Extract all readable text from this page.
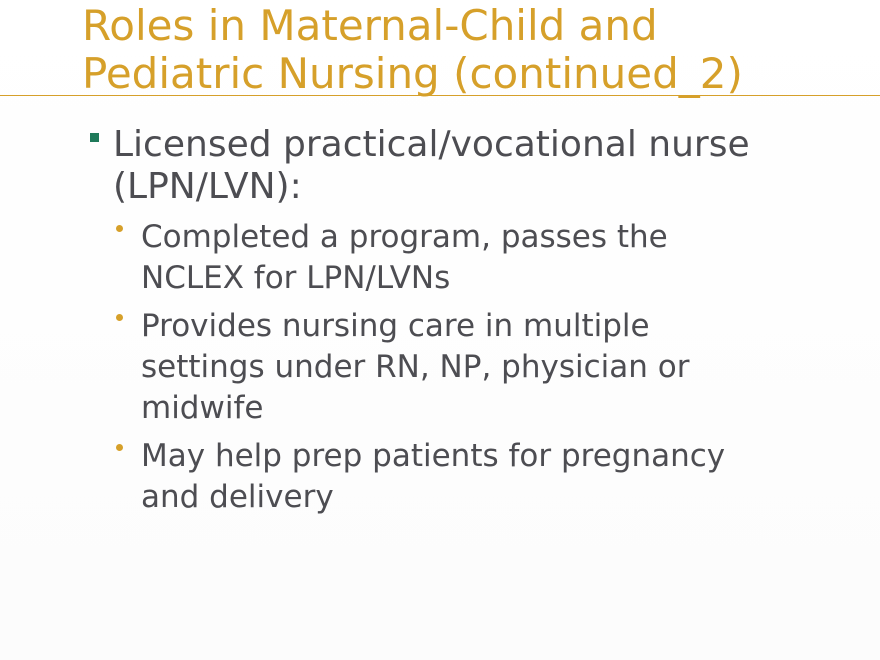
Roles in Maternal-Child and
Pediatric Nursing (continued_2)
Licensed practical/vocational nurse
(LPN/LVN):
Completed a program, passes the
NCLEX for LPN/LVNs
Provides nursing care in multiple
settings under RN, NP, physician or
midwife
May help prep patients for pregnancy
and delivery
